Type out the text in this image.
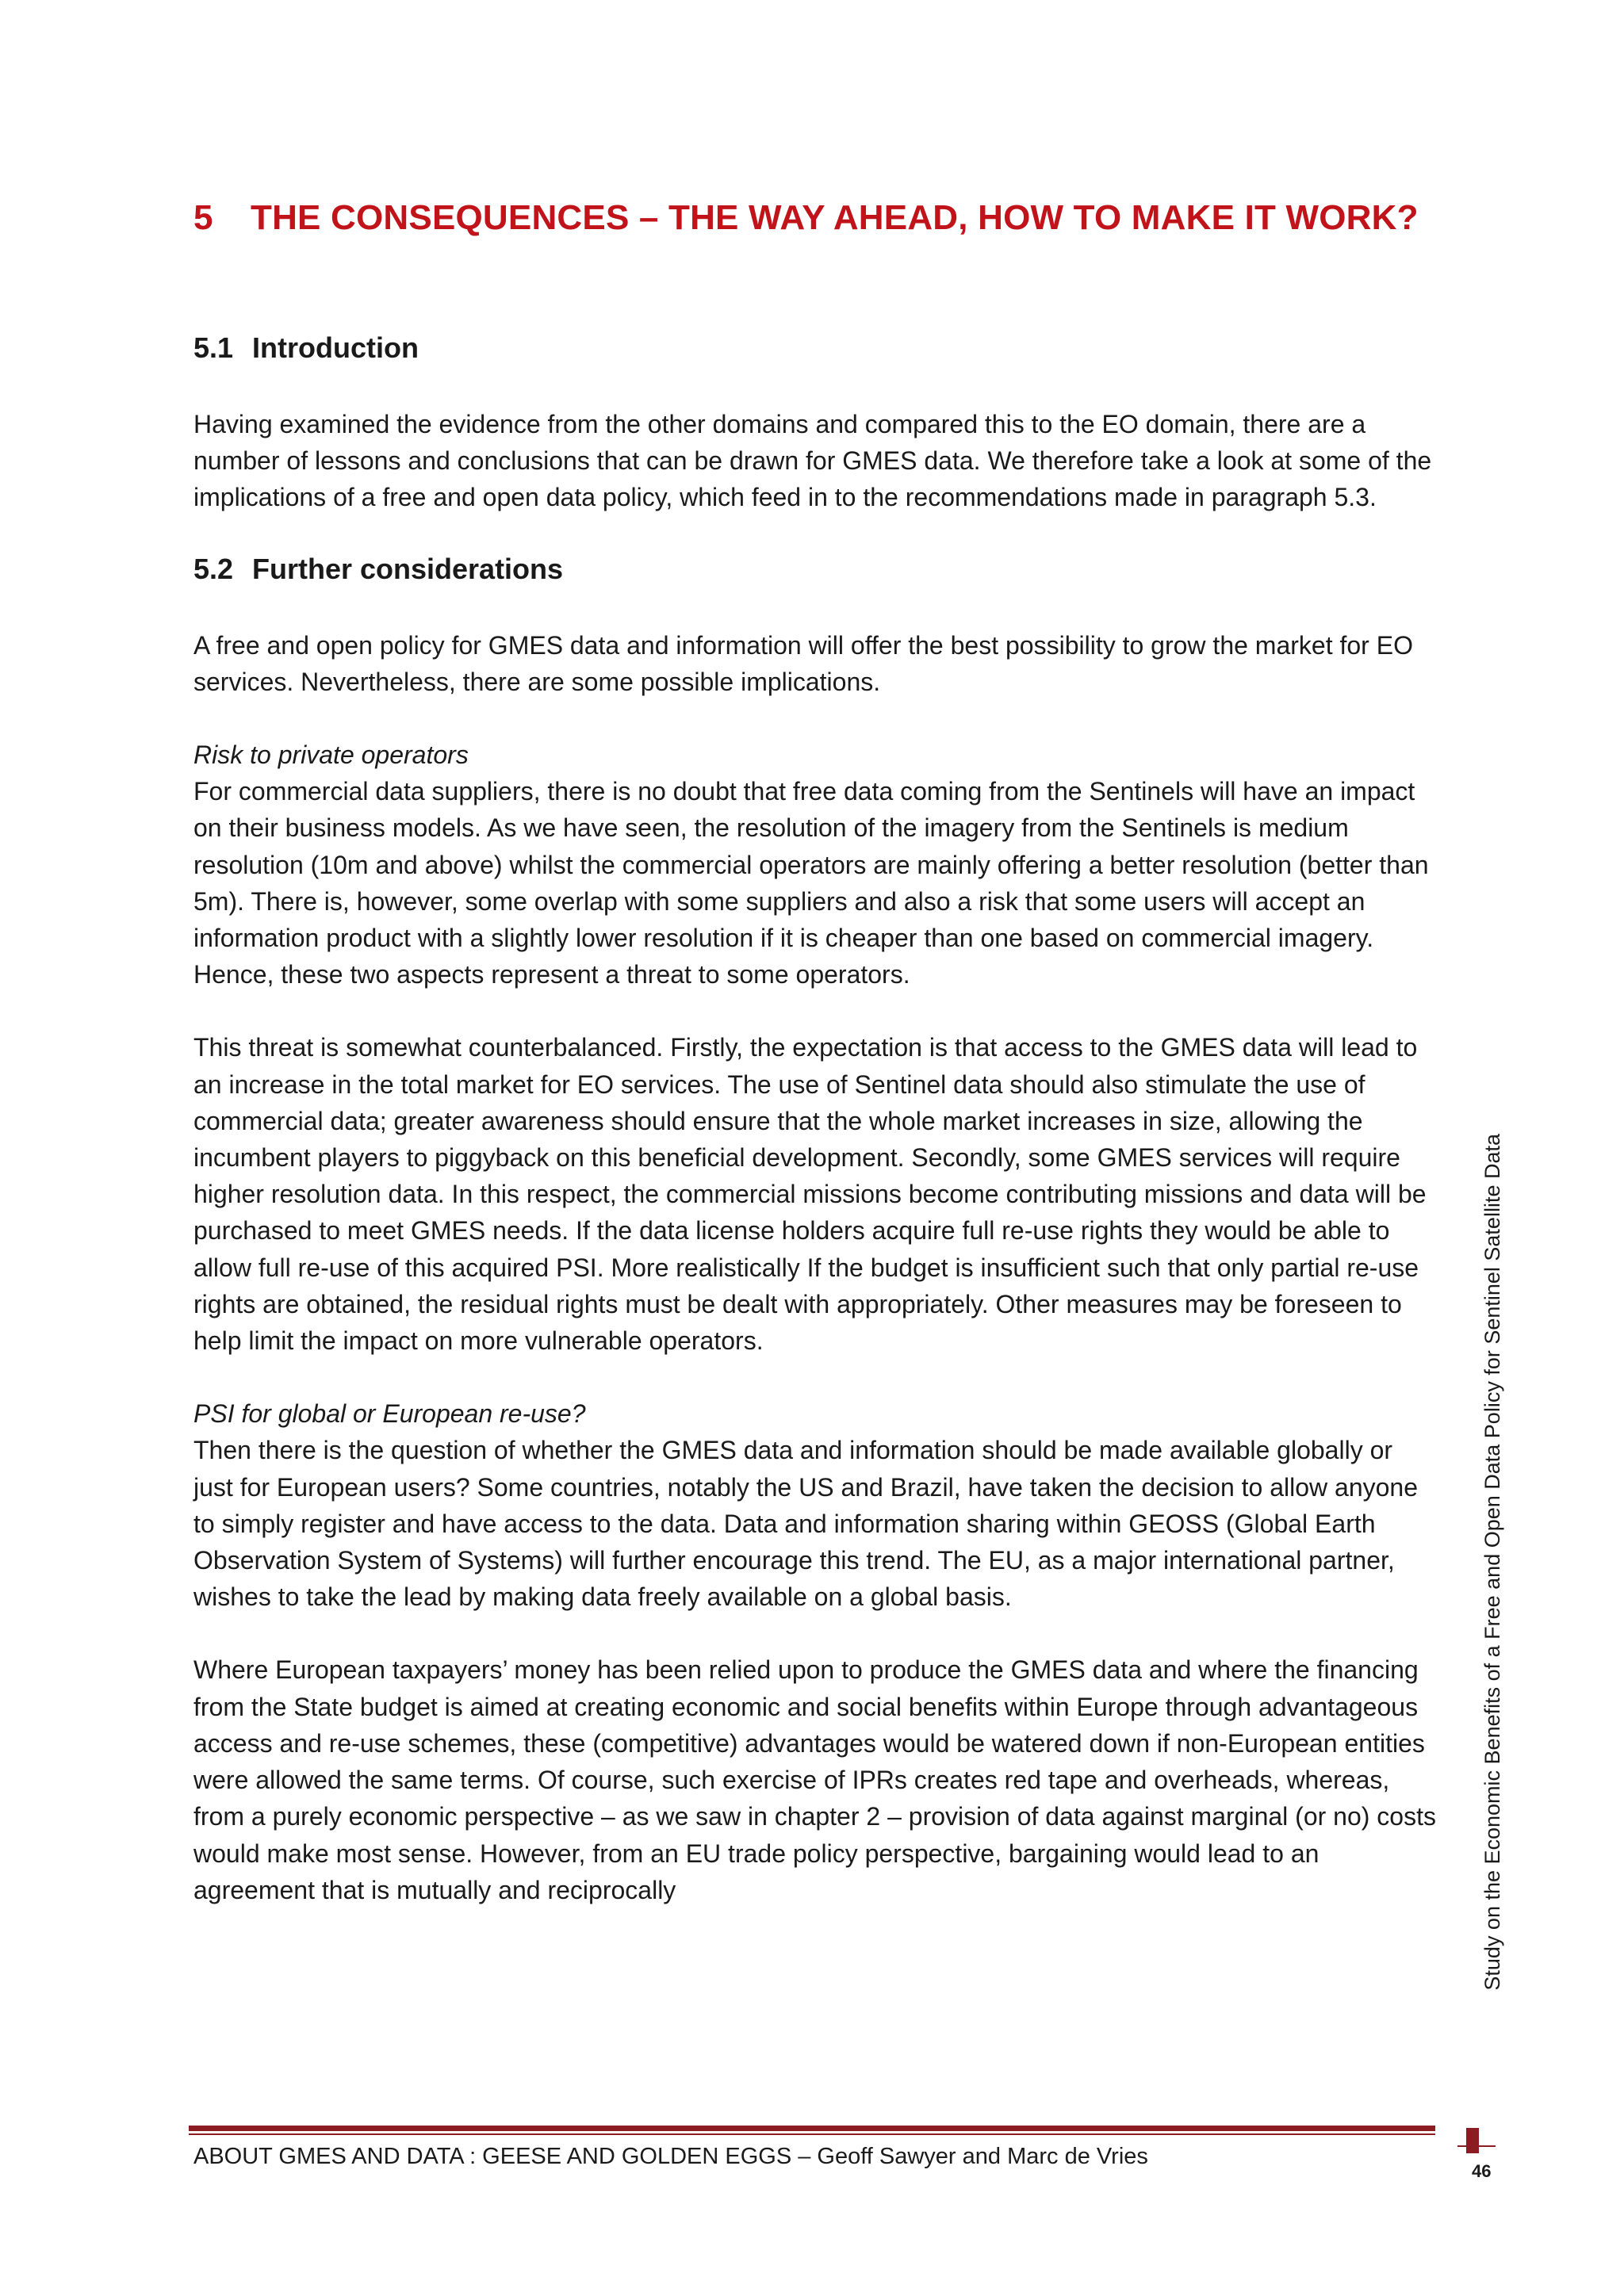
5	THE CONSEQUENCES – THE WAY AHEAD, HOW TO MAKE IT WORK?
5.1 Introduction

Having examined the evidence from the other domains and compared this to the EO domain, there are a number of lessons and conclusions that can be drawn for GMES data. We therefore take a look at some of the implications of a free and open data policy, which feed in to the recommendations made in paragraph 5.3.

5.2 Further considerations

A free and open policy for GMES data and information will offer the best possibility to grow the market for EO services. Nevertheless, there are some possible implications.

Risk to private operators

For commercial data suppliers, there is no doubt that free data coming from the Sentinels will have an impact on their business models. As we have seen, the resolution of the imagery from the Sentinels is medium resolution (10m and above) whilst the commercial operators are mainly offering a better resolution (better than 5m). There is, however, some overlap with some suppliers and also a risk that some users will accept an information product with a slightly lower resolution if it is cheaper than one based on commercial imagery. Hence, these two aspects represent a threat to some operators.

This threat is somewhat counterbalanced. Firstly, the expectation is that access to the GMES data will lead to an increase in the total market for EO services. The use of Sentinel data should also stimulate the use of commercial data; greater awareness should ensure that the whole market increases in size, allowing the incumbent players to piggyback on this beneficial development. Secondly, some GMES services will require higher resolution data. In this respect, the commercial missions become contributing missions and data will be purchased to meet GMES needs. If the data license holders acquire full re-use rights they would be able to allow full re-use of this acquired PSI. More realistically If the budget is insufficient such that only partial re-use rights are obtained, the residual rights must be dealt with appropriately. Other measures may be foreseen to help limit the impact on more vulnerable operators.

PSI for global or European re-use?

Then there is the question of whether the GMES data and information should be made available globally or just for European users? Some countries, notably the US and Brazil, have taken the decision to allow anyone to simply register and have access to the data. Data and information sharing within GEOSS (Global Earth Observation System of Systems) will further encourage this trend. The EU, as a major international partner, wishes to take the lead by making data freely available on a global basis.

Where European taxpayers’ money has been relied upon to produce the GMES data and where the financing from the State budget is aimed at creating economic and social benefits within Europe through advantageous access and re-use schemes, these (competitive) advantages would be watered down if non-European entities were allowed the same terms. Of course, such exercise of IPRs creates red tape and overheads, whereas, from a purely economic perspective – as we saw in chapter 2 – provision of data against marginal (or no) costs would make most sense. However, from an EU trade policy perspective, bargaining would lead to an agreement that is mutually and reciprocally

ABOUT GMES AND DATA : GEESE AND GOLDEN EGGS – Geoff Sawyer and Marc de Vries
Study on the Economic Benefits of a Free and Open Data Policy for Sentinel Satellite Data
46
